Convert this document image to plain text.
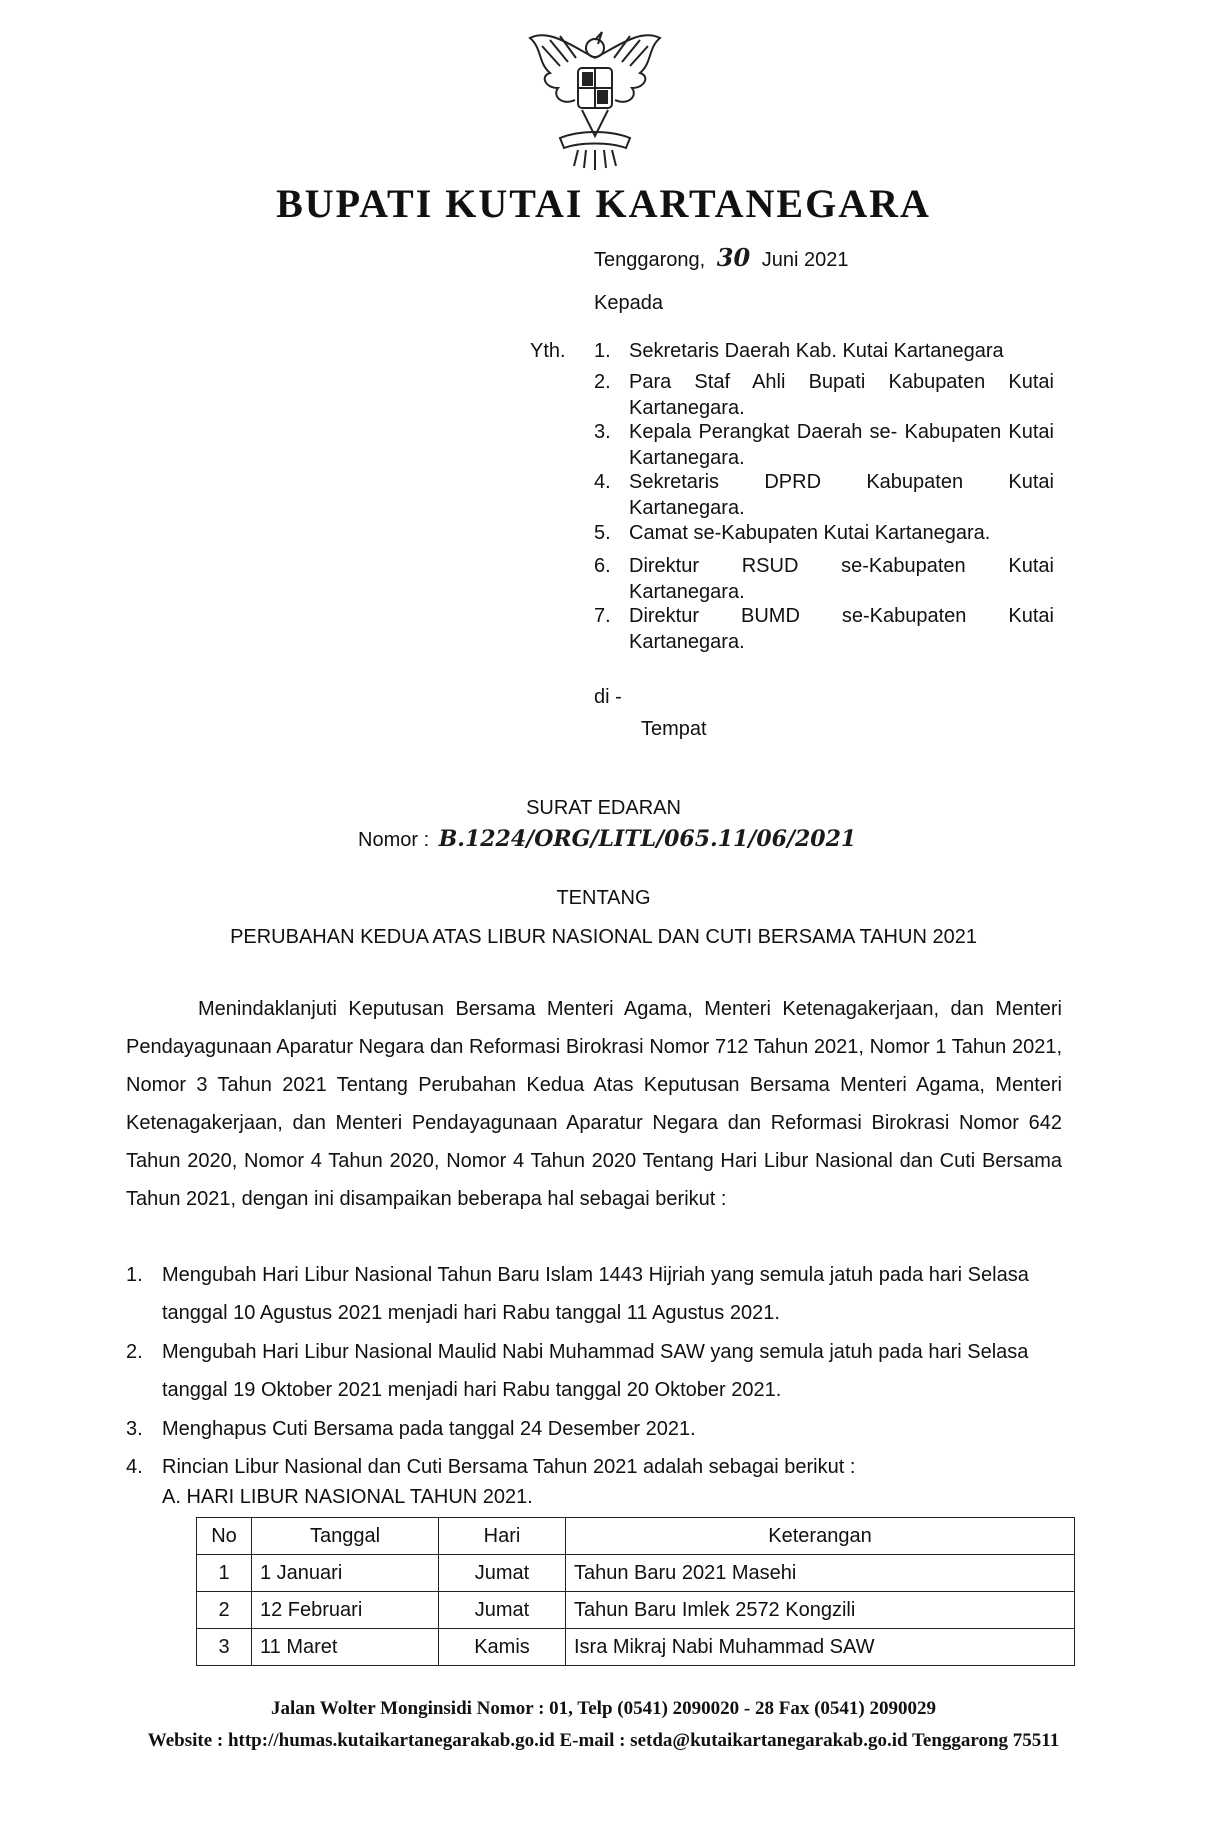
BUPATI KUTAI KARTANEGARA
Tenggarong, 30 Juni 2021
Kepada
Yth. 1. Sekretaris Daerah Kab. Kutai Kartanegara
2. Para Staf Ahli Bupati Kabupaten Kutai Kartanegara.
3. Kepala Perangkat Daerah se- Kabupaten Kutai Kartanegara.
4. Sekretaris DPRD Kabupaten Kutai Kartanegara.
5. Camat se-Kabupaten Kutai Kartanegara.
6. Direktur RSUD se-Kabupaten Kutai Kartanegara.
7. Direktur BUMD se-Kabupaten Kutai Kartanegara.
di -
Tempat
SURAT EDARAN
Nomor : B.1224/ORG/LITL/065.11/06/2021
TENTANG
PERUBAHAN KEDUA ATAS LIBUR NASIONAL DAN CUTI BERSAMA TAHUN 2021
Menindaklanjuti Keputusan Bersama Menteri Agama, Menteri Ketenagakerjaan, dan Menteri Pendayagunaan Aparatur Negara dan Reformasi Birokrasi Nomor 712 Tahun 2021, Nomor 1 Tahun 2021, Nomor 3 Tahun 2021 Tentang Perubahan Kedua Atas Keputusan Bersama Menteri Agama, Menteri Ketenagakerjaan, dan Menteri Pendayagunaan Aparatur Negara dan Reformasi Birokrasi Nomor 642 Tahun 2020, Nomor 4 Tahun 2020, Nomor 4 Tahun 2020 Tentang Hari Libur Nasional dan Cuti Bersama Tahun 2021, dengan ini disampaikan beberapa hal sebagai berikut :
1. Mengubah Hari Libur Nasional Tahun Baru Islam 1443 Hijriah yang semula jatuh pada hari Selasa tanggal 10 Agustus 2021 menjadi hari Rabu tanggal 11 Agustus 2021.
2. Mengubah Hari Libur Nasional Maulid Nabi Muhammad SAW yang semula jatuh pada hari Selasa tanggal 19 Oktober 2021 menjadi hari Rabu tanggal 20 Oktober 2021.
3. Menghapus Cuti Bersama pada tanggal 24 Desember 2021.
4. Rincian Libur Nasional dan Cuti Bersama Tahun 2021 adalah sebagai berikut :
A. HARI LIBUR NASIONAL TAHUN 2021.
No	Tanggal	Hari	Keterangan
1	1 Januari	Jumat	Tahun Baru 2021 Masehi
2	12 Februari	Jumat	Tahun Baru Imlek 2572 Kongzili
3	11 Maret	Kamis	Isra Mikraj Nabi Muhammad SAW
Jalan Wolter Monginsidi Nomor : 01, Telp (0541) 2090020 - 28 Fax (0541) 2090029
Website : http://humas.kutaikartanegarakab.go.id E-mail : setda@kutaikartanegarakab.go.id Tenggarong 75511
